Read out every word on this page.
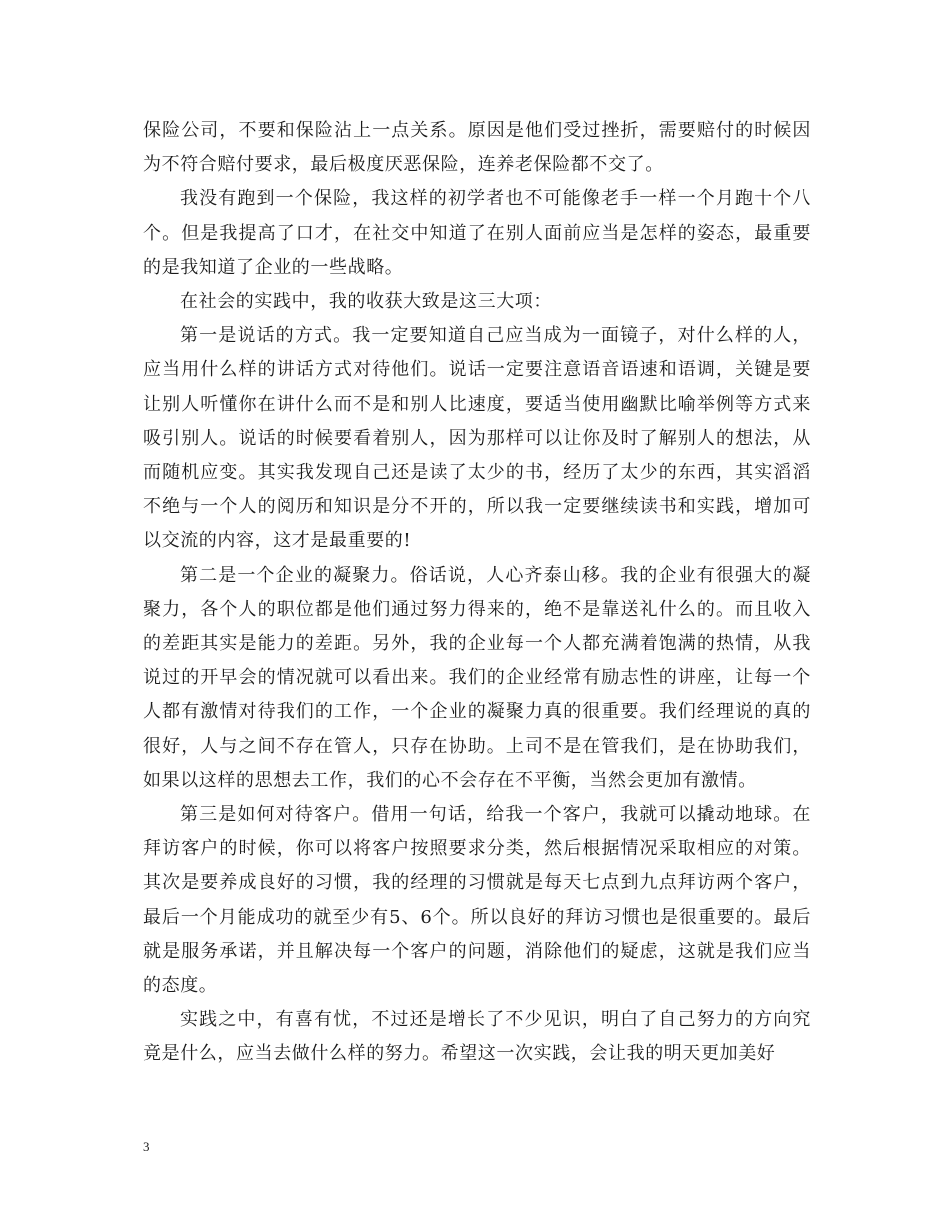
保险公司，不要和保险沾上一点关系。原因是他们受过挫折，需要赔付的时候因为不符合赔付要求，最后极度厌恶保险，连养老保险都不交了。

我没有跑到一个保险，我这样的初学者也不可能像老手一样一个月跑十个八个。但是我提高了口才，在社交中知道了在别人面前应当是怎样的姿态，最重要的是我知道了企业的一些战略。

在社会的实践中，我的收获大致是这三大项：

第一是说话的方式。我一定要知道自己应当成为一面镜子，对什么样的人，应当用什么样的讲话方式对待他们。说话一定要注意语音语速和语调，关键是要让别人听懂你在讲什么而不是和别人比速度，要适当使用幽默比喻举例等方式来吸引别人。说话的时候要看着别人，因为那样可以让你及时了解别人的想法，从而随机应变。其实我发现自己还是读了太少的书，经历了太少的东西，其实滔滔不绝与一个人的阅历和知识是分不开的，所以我一定要继续读书和实践，增加可以交流的内容，这才是最重要的!

第二是一个企业的凝聚力。俗话说，人心齐泰山移。我的企业有很强大的凝聚力，各个人的职位都是他们通过努力得来的，绝不是靠送礼什么的。而且收入的差距其实是能力的差距。另外，我的企业每一个人都充满着饱满的热情，从我说过的开早会的情况就可以看出来。我们的企业经常有励志性的讲座，让每一个人都有激情对待我们的工作，一个企业的凝聚力真的很重要。我们经理说的真的很好，人与之间不存在管人，只存在协助。上司不是在管我们，是在协助我们，如果以这样的思想去工作，我们的心不会存在不平衡，当然会更加有激情。

第三是如何对待客户。借用一句话，给我一个客户，我就可以撬动地球。在拜访客户的时候，你可以将客户按照要求分类，然后根据情况采取相应的对策。其次是要养成良好的习惯，我的经理的习惯就是每天七点到九点拜访两个客户，最后一个月能成功的就至少有5、6个。所以良好的拜访习惯也是很重要的。最后就是服务承诺，并且解决每一个客户的问题，消除他们的疑虑，这就是我们应当的态度。

实践之中，有喜有忧，不过还是增长了不少见识，明白了自己努力的方向究竟是什么，应当去做什么样的努力。希望这一次实践，会让我的明天更加美好

3
